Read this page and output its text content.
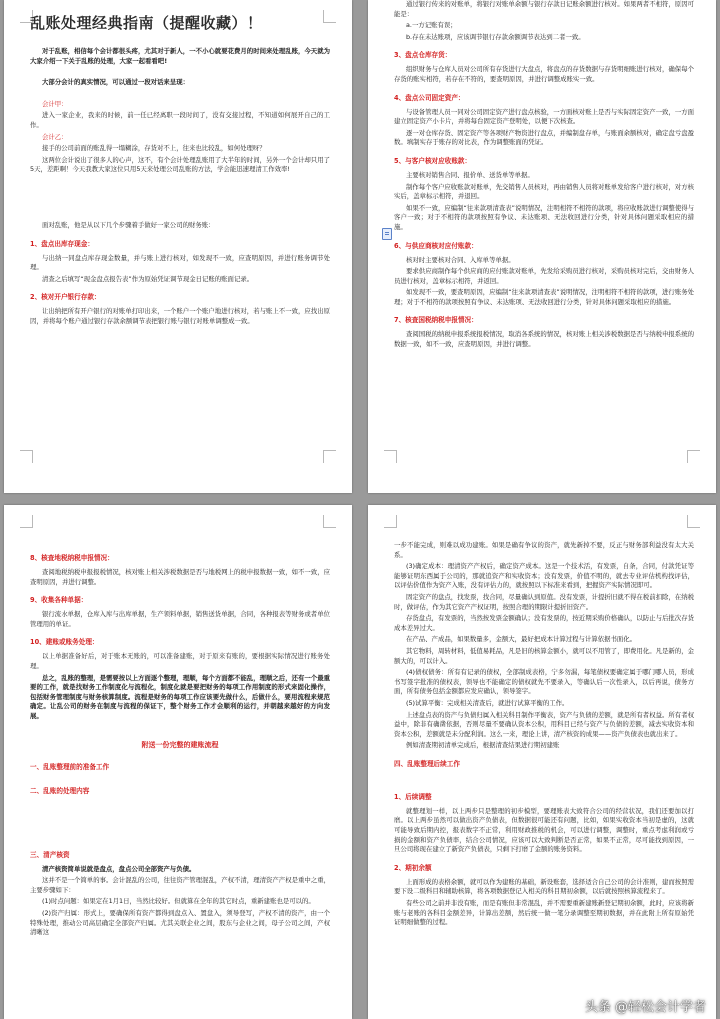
乱账处理经典指南（提醒收藏）！

对于乱账，相信每个会计都很头疼，尤其对于新人，一不小心就要花费月的时间来处理乱账，今天就为大家介绍一下关于乱账的处理，大家一起看看吧!

大部分会计的真实情况，可以通过一段对话来呈现：

会计甲：

进入一家企业，我来的时候，前一任已经离职一段时间了，没有交接过程，不知道如何展开自己的工作。

会计乙：

接手的公司前面的账乱得一塌糊涂，存货对不上，往来也比较乱，如何处理呀？

这两位会计说出了很多人的心声，这不，有个会计处理乱账用了大半年的时间，另外一个会计却只用了5天，差距啊！今天我教大家这位只用5天来处理公司乱账的方法，学会能迅速理清工作效率!

面对乱账，他是从以下几个步骤着手做好一家公司的财务账：

1、盘点出库存现金：

与出纳一同盘点库存现金数量，并与账上进行核对，如发现不一致，应查明原因，并进行账务调节处理。

清查之后填写“现金盘点报告表”作为原始凭证调节现金日记账的账面记录。

2、核对开户银行存款：

让出纳把所有开户银行的对账单打印出来，一个账户一个账户地进行核对，若与账上不一致，应找出原因，并将每个账户通过银行存款余额调节表把银行账与银行对账单调整成一致。

通过银行传来的对账单，将银行对账单余额与银行存款日记账余额进行核对。如果两者不相符，原因可能是：

a.一方记账有误；

b.存在未达账项，应该调节银行存款余额调节表达到二者一致。

3、盘点仓库存货：

组织财务与仓库人员对公司所有存货进行大盘点，将盘点的存货数据与存货明细账进行核对，确保每个存货的账实相符，若存在不符的，要查明原因，并进行调整成账实一致。

4、盘点公司固定资产：

与设备管理人员一同对公司固定资产进行盘点核验，一方面核对账上是否与实际固定资产一致，一方面建立固定资产小卡片，并将每台固定资产登明处，以便下次核查。

逐一对仓库存货、固定资产等各项财产物资进行盘点，并编制盘存单，与账面余额核对，确定盘亏盘盈数。填制实存于账存的对比表，作为调整账面的凭证。

5、与客户核对应收账款：

主要核对销售合同、报价单、送货单等单据。

制作每个客户应收账款对账单，先交销售人员核对，再由销售人员将对账单发给客户进行核对，对方核实后，盖章标示相符，并退回。

如果不一致，应编制“往来款项清查表”说明情况，注明相符不相符的款项，将应收账款进行调整使得与客户一致；对于不相符的款项按照有争议、未达账项、无法收回进行分类，针对具体问题采取相应的措施。

6、与供应商核对应付账款：

核对时主要核对合同、入库单等单据。

要求供应商制作每个供应商的应付账款对账单，先发给采购员进行核对，采购员核对完后，交由财务人员进行核对，盖章标示相符，并返回。

如发现不一致，要查明原因，应编制“往来款项清查表”说明情况，注明相符不相符的款项，进行账务处理；对于不相符的款项按照有争议、未达账项、无法收回进行分类，针对具体问题采取相应的措施。

7、核查国税纳税申报情况：

查阅国税的纳税申报系统报税情况，取消各系统的情况，核对账上相关涉税数据是否与纳税申报系统的数据一致，如不一致，应查明原因，并进行调整。

8、核查地税纳税申报情况：

查阅地税纳税申报报税情况，核对账上相关涉税数据是否与地税网上的税申报数据一致，如不一致，应查明原因，并进行调整。

9、收集各种单据：

银行流水单据，仓库入库与出库单据，生产领料单据，销售送货单据，合同，各种报表等财务或者单位管理用的单证。

10、建账或账务处理：

以上单据准备好后，对于账本无账的，可以准备建账，对于原来有账的，要根据实际情况进行账务处理。

总之，乱账的整理，是需要按以上方面逐个整理，理顺，每个方面都不能乱，理顺之后，还有一个最重要的工作，就是找财务工作制度化与流程化，制度化就是要把财务的每项工作用制度的形式来固化操作，包括财务管理制度与财务核算制度。流程是财务的每项工作应该要先做什么，后做什么，要用流程来规范确定。让乱公司的财务在制度与流程的保证下，整个财务工作才会顺利的运行，并朝越来越好的方向发展。

附送一份完整的建账流程
一、乱账整理前的准备工作
二、乱账的处理内容
三、清产核资

清产核资简单说就是盘点，盘点公司全部资产与负债。

这并不是一个简单的事。会计混乱的公司，往往资产管理混乱，产权不清，理清资产产权是重中之重，主要步骤如下：

(1)时点问题：如果定在1月1日，当然比较好。但就算在全年的其它时点，重新建账也是可以的。

(2)资产归属：形式上，要确保所有资产都得到盘点入、置盘入，须导登写，产权不清的资产，由一个特殊处理，推动公司高层确定全部资产归属。尤其关联企业之间，股东与企业之间，母子公司之间，产权清晰这

一步不能完成，则难以成功建账。如果是确有争议的资产，就先新掉不要，反正与财务部利益没有太大关系。

(3)确定成本：理清资产产权后，确定资产成本。这是一个技术活，有发票，自条，合同，付款凭证等能够证明东西属于公司的，那就追资产和实收资本；没有发票，价值不明的，就去专业评估机构找评估，以评估价值作为资产入账，没有评估力的，就按照以下标准来看到，把握资产实际情况即可。

固定资产的盘点，找发票，找合同，尽量确认到原值。没有发票，计提折旧就不得在税前扣除，在纳税时，做评估，作为其它资产产权证明，按照合理的期限计提折旧资产。

存货盘点，有发票的，当然按发票金额确认；没有发票的，按近期采购价格确认，以防止与后批次存货成本差异过大。

在产品、产成品，如果数量多，金额大，最好把成本计算过程与计算依据书面化。

其它物料，周转材料，低值易耗品，凡是旧的核算金额小，就可以不用管了，即费用化。凡是新的，金额大的，可以计入。

(4)债权债务：所有有记录的债权，全部制成表格，宁多勿漏，每笔债权要确定属于哪门哪人员，形成书写签字批准的债权表，领导也不能确定的债权就先不要录入，等确认后一次性录入，以后再说，债务方面，所有债务包括金额都应发应确认，领导签字。

(5)试算平衡：完成相关清查后，就进行试算平衡的工作。

上述盘点表的资产与负债归属入相关科目制作平衡表，资产与负债的差额，就是所有者权益。所有者权益中，除非有确凿依据，否则尽量不要确认资本公积，用科目已经与资产与负债的差额，减去实收资本和资本公积，差额就是未分配利润。这么一来，理论上讲，清产核资的成果——资产负债表也就出来了。

例如清查期初清单完成后，根据清查结果进行期初建账

四、乱账整理后续工作
1、后续调整

就整理划一样，以上两步只是整理的初步模型，要理账表大致符合公司的经营状况，我们还要加以打磨。以上两步虽然可以做出资产负债表，但数据很可能还有问题，比如，如果实收资本当初是虚的，这就可能导致后期内控，报表数字不正常，利用财政推税的机会，可以进行调整，调整时，重点考虑利润或亏损的金额和资产负债率，结合公司情况，应该可以大致判断是否正常，如果不正常，尽可能找到原因，一旦公司将现在建立了新资产负债表，只剩下打磨了金额的账务资料。

2、期初余额

上面形成的表格余额，就可以作为建账的基础，新设账套，选择适合自己公司的会计准则，建而按照需要下设二级科目和辅助核算，将各项数据登记入相关的科目期初余额，以后就按照核算流程来了。

有些公司之前并非没有账，而是有账但非常混乱，并不需要重新建账新登记期初余额，此时，应该将新账与老账的各科目金额差异，计算出差额，然后统一做一笔分录调整至期初数据，并在此附上所有原始凭证明细做整的过程。

头条 @轻松会计学者
